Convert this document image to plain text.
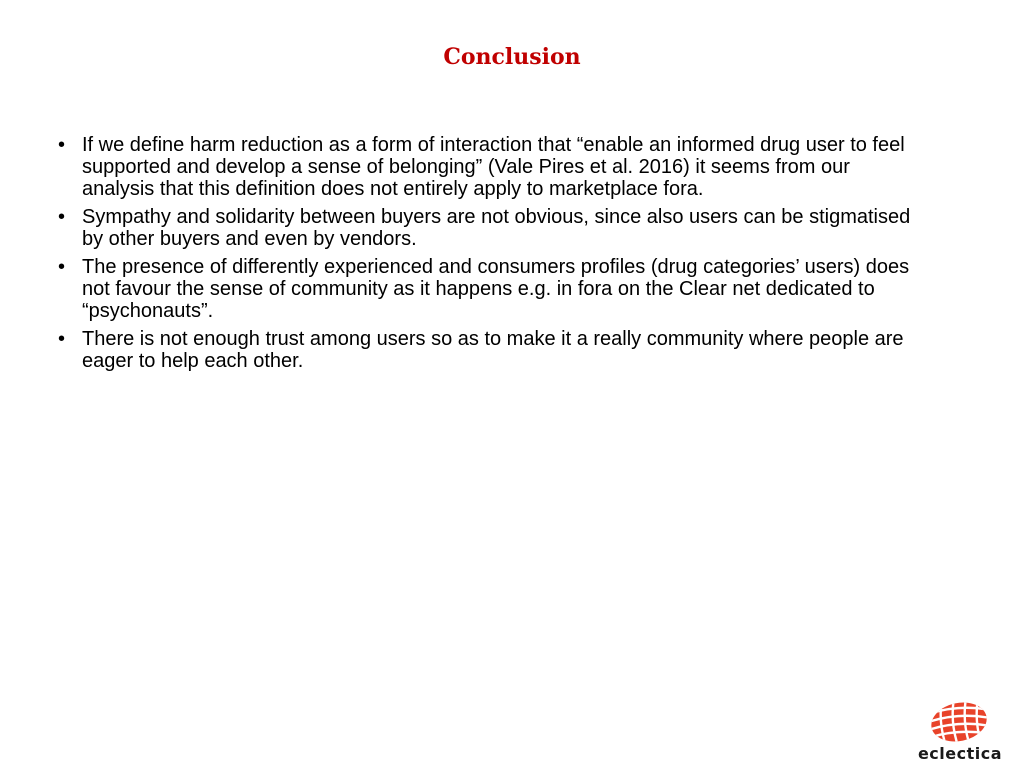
Conclusion
• If we define harm reduction as a form of interaction that “enable an informed drug user to feel supported and develop a sense of belonging” (Vale Pires et al. 2016) it seems from our analysis that this definition does not entirely apply to marketplace fora.
• Sympathy and solidarity between buyers are not obvious, since also users can be stigmatised by other buyers and even by vendors.
• The presence of differently experienced and consumers profiles (drug categories’ users) does not favour the sense of community as it happens e.g. in fora on the Clear net dedicated to “psychonauts”.
• There is not enough trust among users so as to make it a really community where people are eager to help each other.
eclectica
